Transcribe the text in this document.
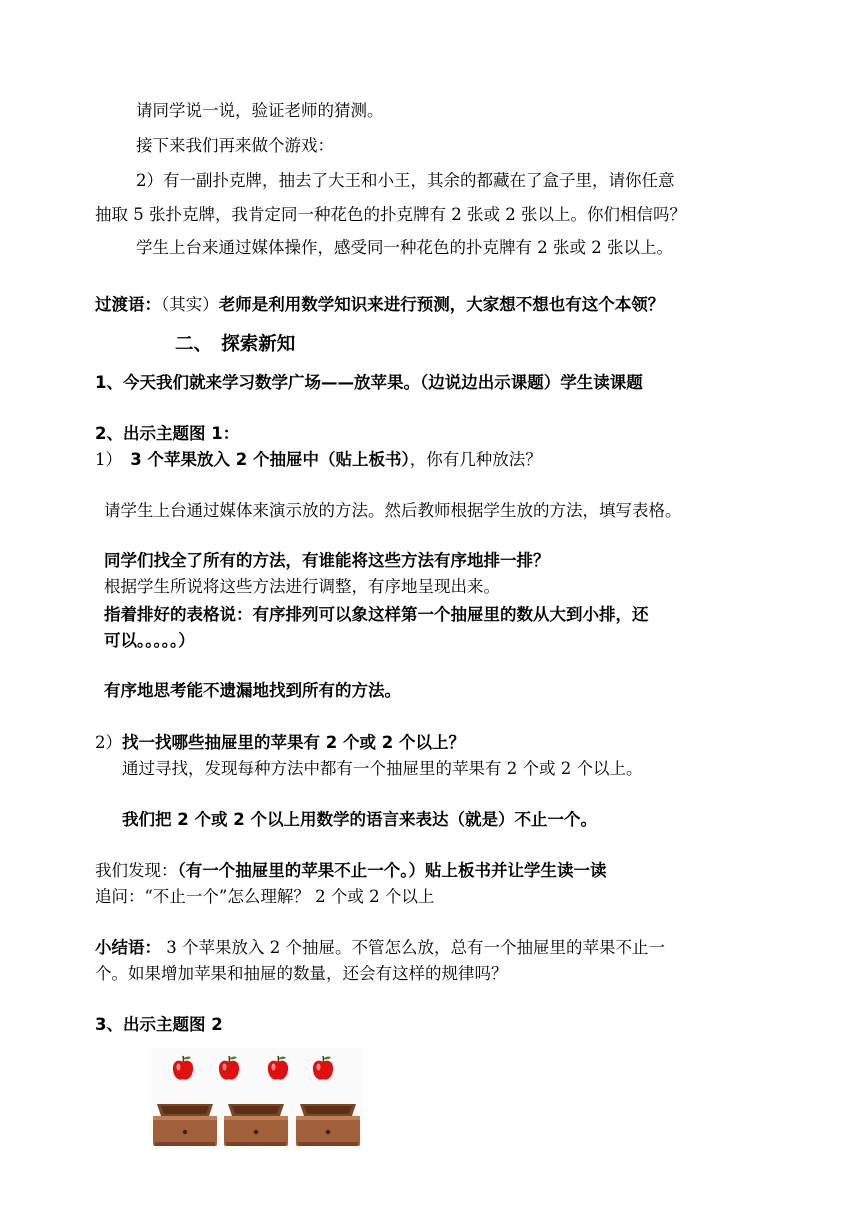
请同学说一说，验证老师的猜测。
接下来我们再来做个游戏：
2）有一副扑克牌，抽去了大王和小王，其余的都藏在了盒子里，请你任意
抽取 5 张扑克牌，我肯定同一种花色的扑克牌有 2 张或 2 张以上。你们相信吗？
学生上台来通过媒体操作，感受同一种花色的扑克牌有 2 张或 2 张以上。
过渡语：（其实）老师是利用数学知识来进行预测，大家想不想也有这个本领？
二、　探索新知
1、今天我们就来学习数学广场——放苹果。（边说边出示课题）学生读课题
2、出示主题图 1：
1）　3 个苹果放入 2 个抽屉中（贴上板书），你有几种放法？
请学生上台通过媒体来演示放的方法。然后教师根据学生放的方法，填写表格。
同学们找全了所有的方法，有谁能将这些方法有序地排一排？
根据学生所说将这些方法进行调整，有序地呈现出来。
指着排好的表格说：有序排列可以象这样第一个抽屉里的数从大到小排，还
可以。。。。。）
有序地思考能不遗漏地找到所有的方法。
2）找一找哪些抽屉里的苹果有 2 个或 2 个以上？
通过寻找，发现每种方法中都有一个抽屉里的苹果有 2 个或 2 个以上。
我们把 2 个或 2 个以上用数学的语言来表达（就是）不止一个。
我们发现：（有一个抽屉里的苹果不止一个。）贴上板书并让学生读一读
追问：“不止一个”怎么理解？ 2 个或 2 个以上
小结语： 3 个苹果放入 2 个抽屉。不管怎么放，总有一个抽屉里的苹果不止一
个。如果增加苹果和抽屉的数量，还会有这样的规律吗？
3、出示主题图 2
